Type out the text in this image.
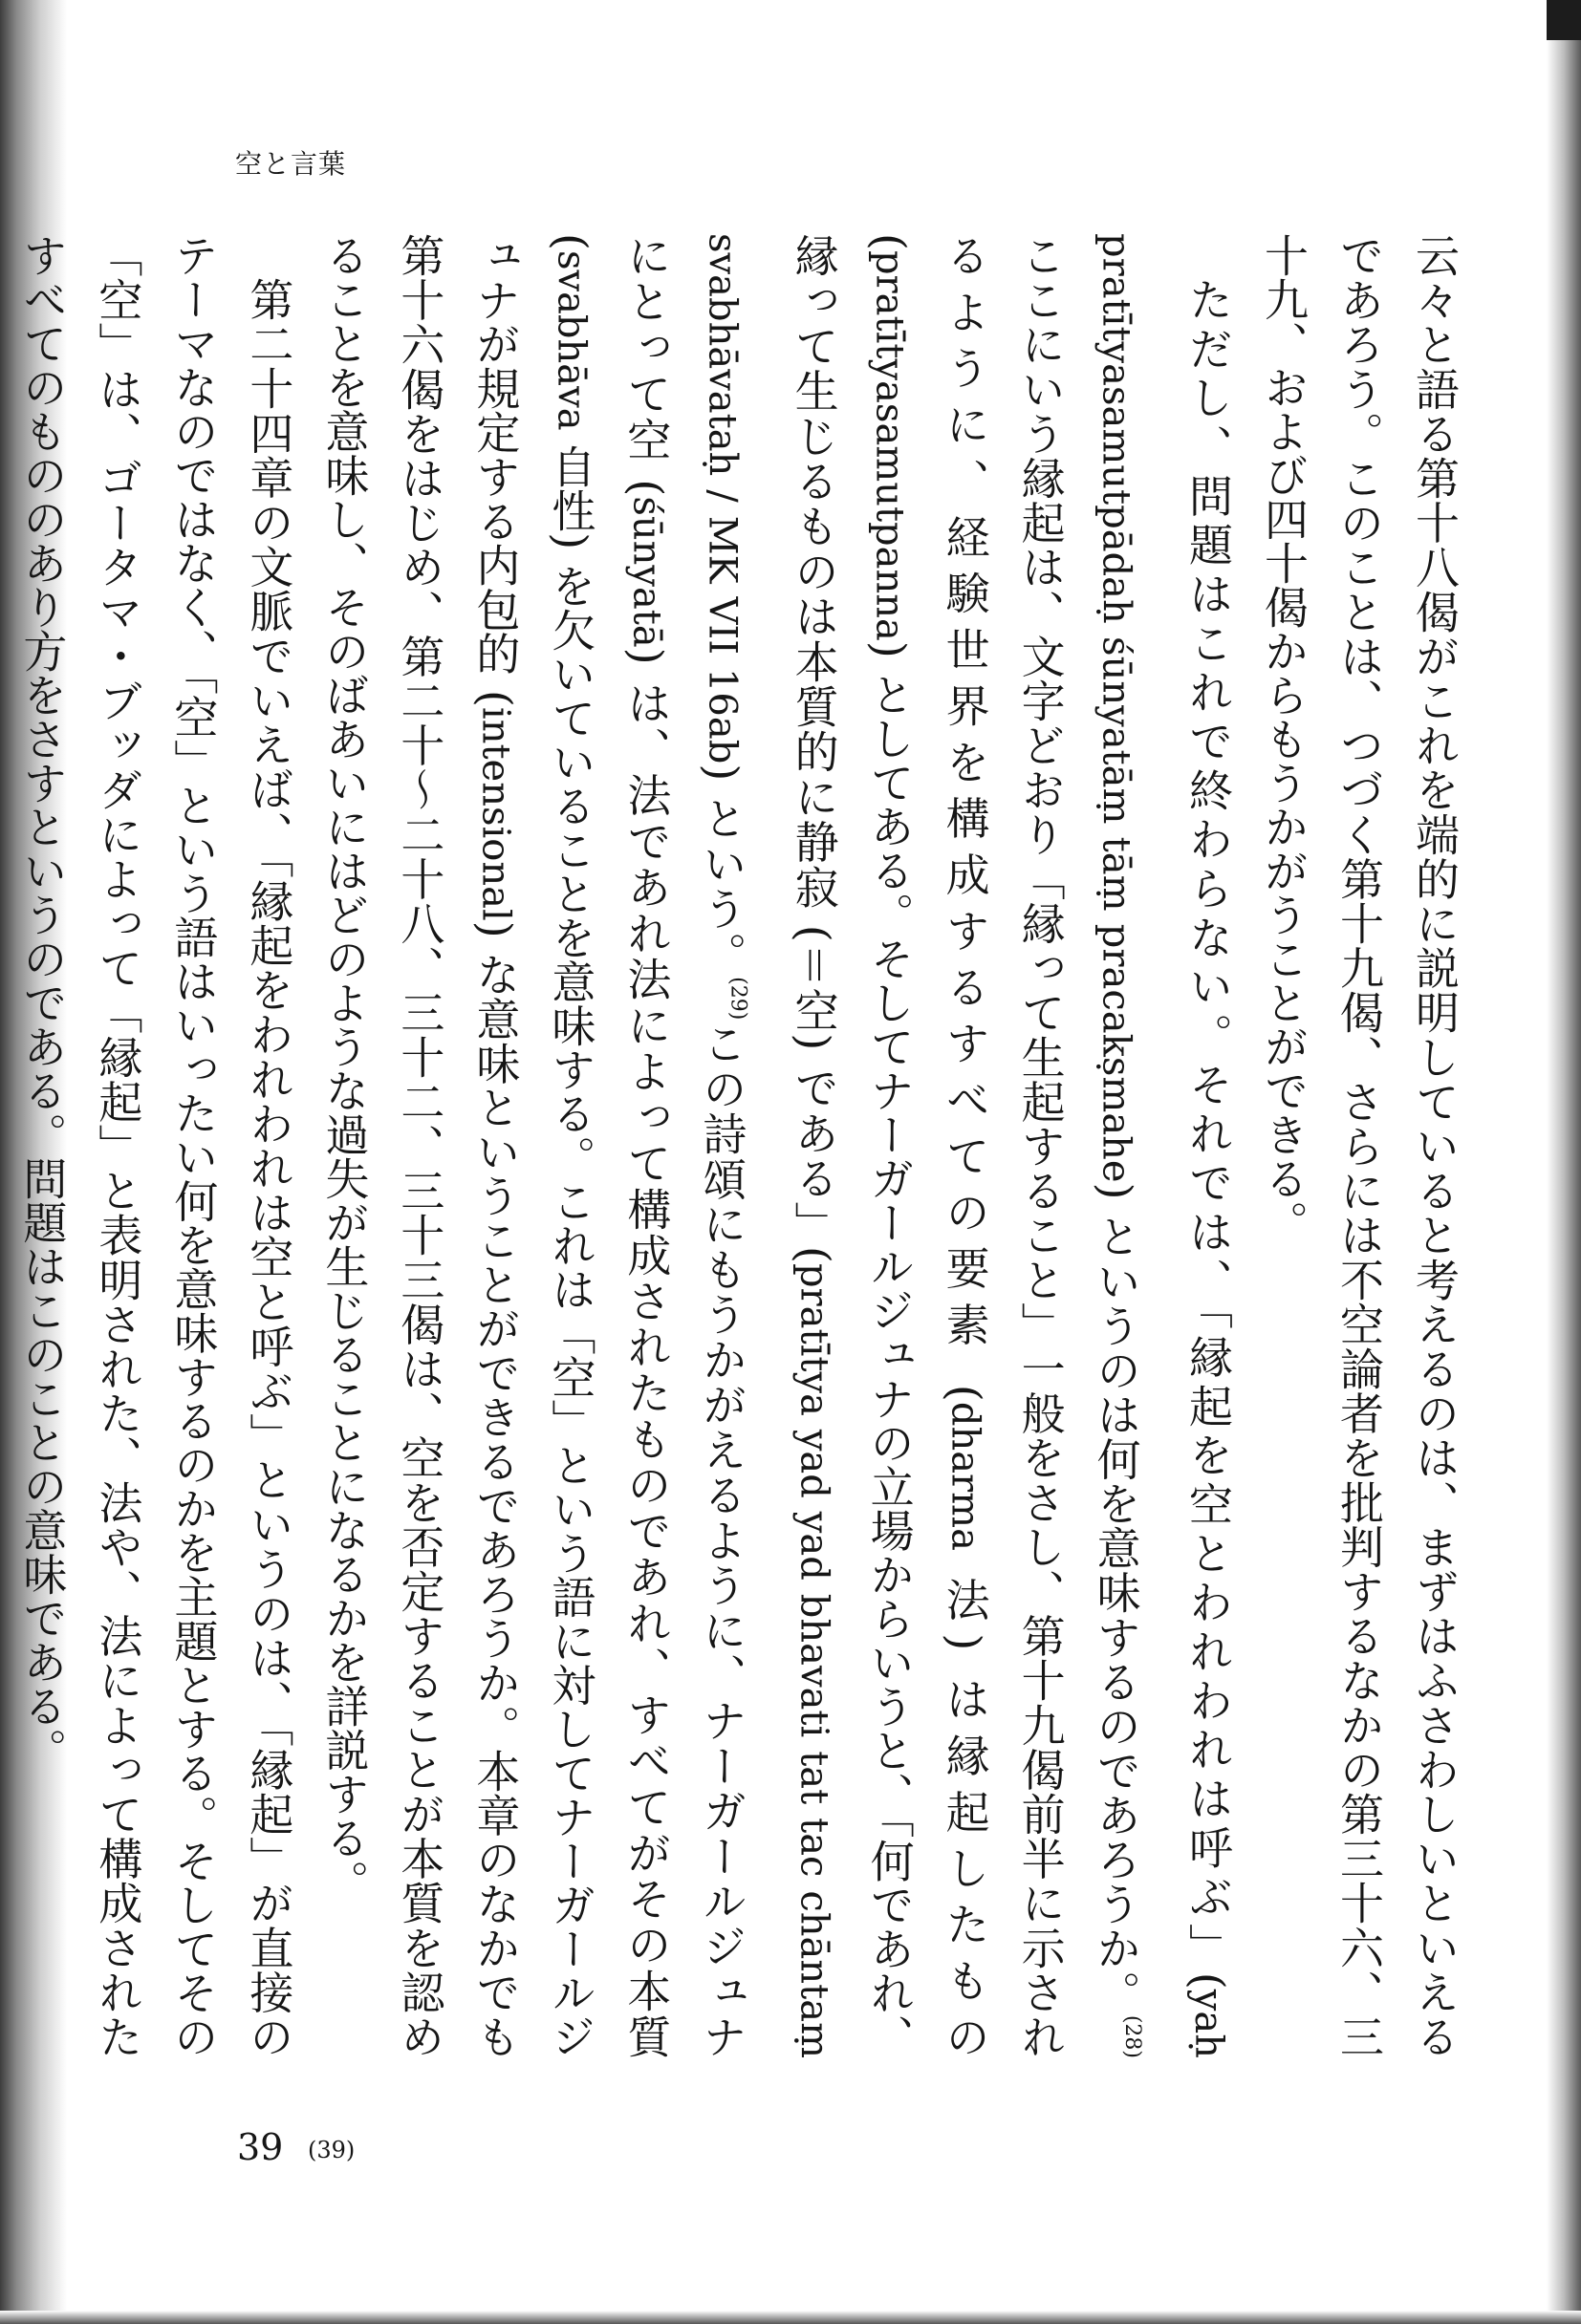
空と言葉

云々と語る第十八偈がこれを端的に説明していると考えるのは、まずはふさわしいといえるであろう。このことは、つづく第十九偈、さらには不空論者を批判するなかの第三十六、三十九、および四十偈からもうかがうことができる。

ただし、問題はこれで終わらない。それでは、「縁起を空とわれわれは呼ぶ」(yaḥ pratītyasamutpādaḥ śūnyatāṃ tāṃ pracakṣmahe) というのは何を意味するのであろうか。$^{(28)}$ここにいう縁起は、文字どおり「縁って生起すること」一般をさし、第十九偈前半に示されるように、経験世界を構成するすべての要素 (dharma 法) は縁起したもの (pratītyasamutpanna) としてある。そしてナーガールジュナの立場からいうと、「何であれ、縁って生じるものは本質的に静寂 (＝空) である」(pratītya yad yad bhavati tat tac chāntaṃ svabhāvataḥ / MK VII 16ab) という。$^{(29)}$この詩頌にもうかがえるように、ナーガールジュナにとって空 (śūnyatā) は、法であれ法によって構成されたものであれ、すべてがその本質 (svabhāva 自性) を欠いていることを意味する。これは「空」という語に対してナーガールジュナが規定する内包的 (intensional) な意味ということができるであろうか。本章のなかでも第十六偈をはじめ、第二十〜二十八、三十二、三十三偈は、空を否定することが本質を認めることを意味し、そのばあいにはどのような過失が生じることになるかを詳説する。

第二十四章の文脈でいえば、「縁起をわれわれは空と呼ぶ」というのは、「縁起」が直接のテーマなのではなく、「空」という語はいったい何を意味するのかを主題とする。そしてその「空」は、ゴータマ・ブッダによって「縁起」と表明された、法や、法によって構成されたすべてのもののあり方をさすというのである。問題はこのことの意味である。

39 (39)
